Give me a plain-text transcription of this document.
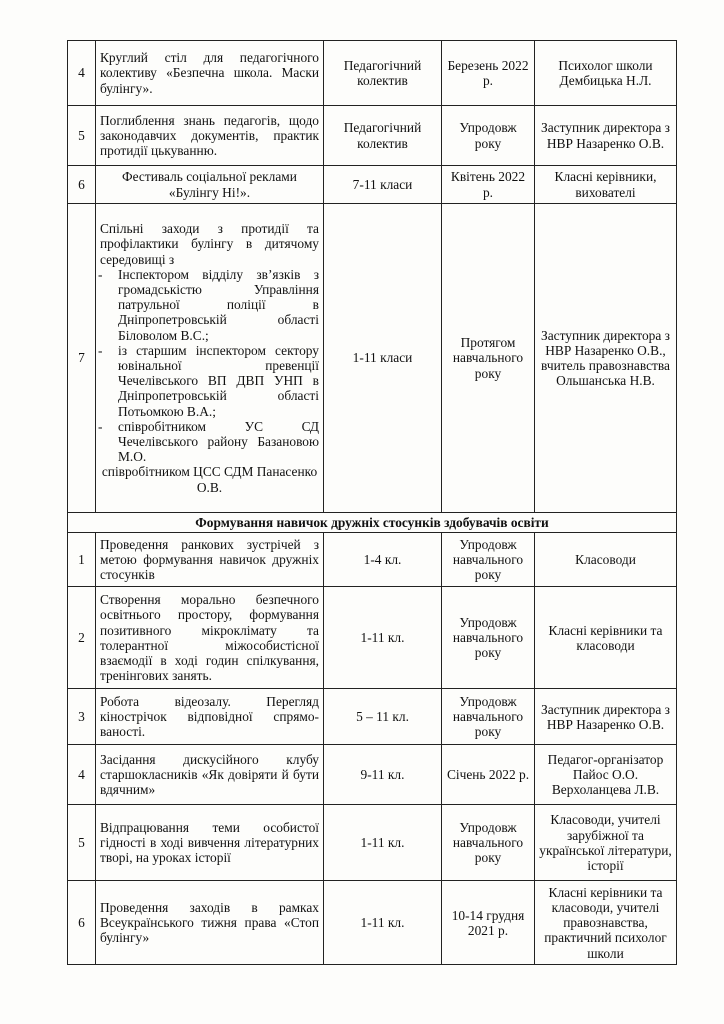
4	Круглий стіл для педагогічного колективу «Безпечна школа. Маски булінгу».	Педагогічний колектив	Березень 2022 р.	Психолог школи Дембицька Н.Л.
5	Поглиблення знань педагогів, щодо законодавчих документів, практик протидії цькуванню.	Педагогічний колектив	Упродовж року	Заступник директора з НВР Назаренко О.В.
6	Фестиваль соціальної реклами «Булінгу Ні!».	7-11 класи	Квітень 2022 р.	Класні керівники, вихователі
7	Спільні заходи з протидії та профілактики булінгу в дитячому середовищі з
- Інспектором відділу зв’язків з громадськістю Управління патрульної поліції в Дніпропетровській області Біловолом В.С.;
- із старшим інспектором сектору ювінальної превенції Чечелівського ВП ДВП УНП в Дніпропетровській області Потьомкою В.А.;
- співробітником УС СД Чечелівського району Базановою М.О.
співробітником ЦСС СДМ Панасенко О.В.	1-11 класи	Протягом навчального року	Заступник директора з НВР Назаренко О.В., вчитель правознавства Ольшанська Н.В.
Формування навичок дружніх стосунків здобувачів освіти				
1	Проведення ранкових зустрічей з метою формування навичок дружніх стосунків	1-4 кл.	Упродовж навчального року	Класоводи
2	Створення морально безпечного освітнього простору, формування позитивного мікроклімату та толерантної міжособистісної взаємодії в ході годин спілкування, тренінгових занять.	1-11 кл.	Упродовж навчального року	Класні керівники та класоводи
3	Робота відеозалу. Перегляд кінострічок відповідної спрямо-ваності.	5 – 11 кл.	Упродовж навчального року	Заступник директора з НВР Назаренко О.В.
4	Засідання дискусійного клубу старшокласників «Як довіряти й бути вдячним»	9-11 кл.	Січень 2022 р.	Педагог-організатор Пайос О.О. Верхоланцева Л.В.
5	Відпрацювання теми особистої гідності в ході вивчення літературних творі, на уроках історії	1-11 кл.	Упродовж навчального року	Класоводи, учителі зарубіжної та української літератури, історії
6	Проведення заходів в рамках Всеукраїнського тижня права «Стоп булінгу»	1-11 кл.	10-14 грудня 2021 р.	Класні керівники та класоводи, учителі правознавства, практичний психолог школи
